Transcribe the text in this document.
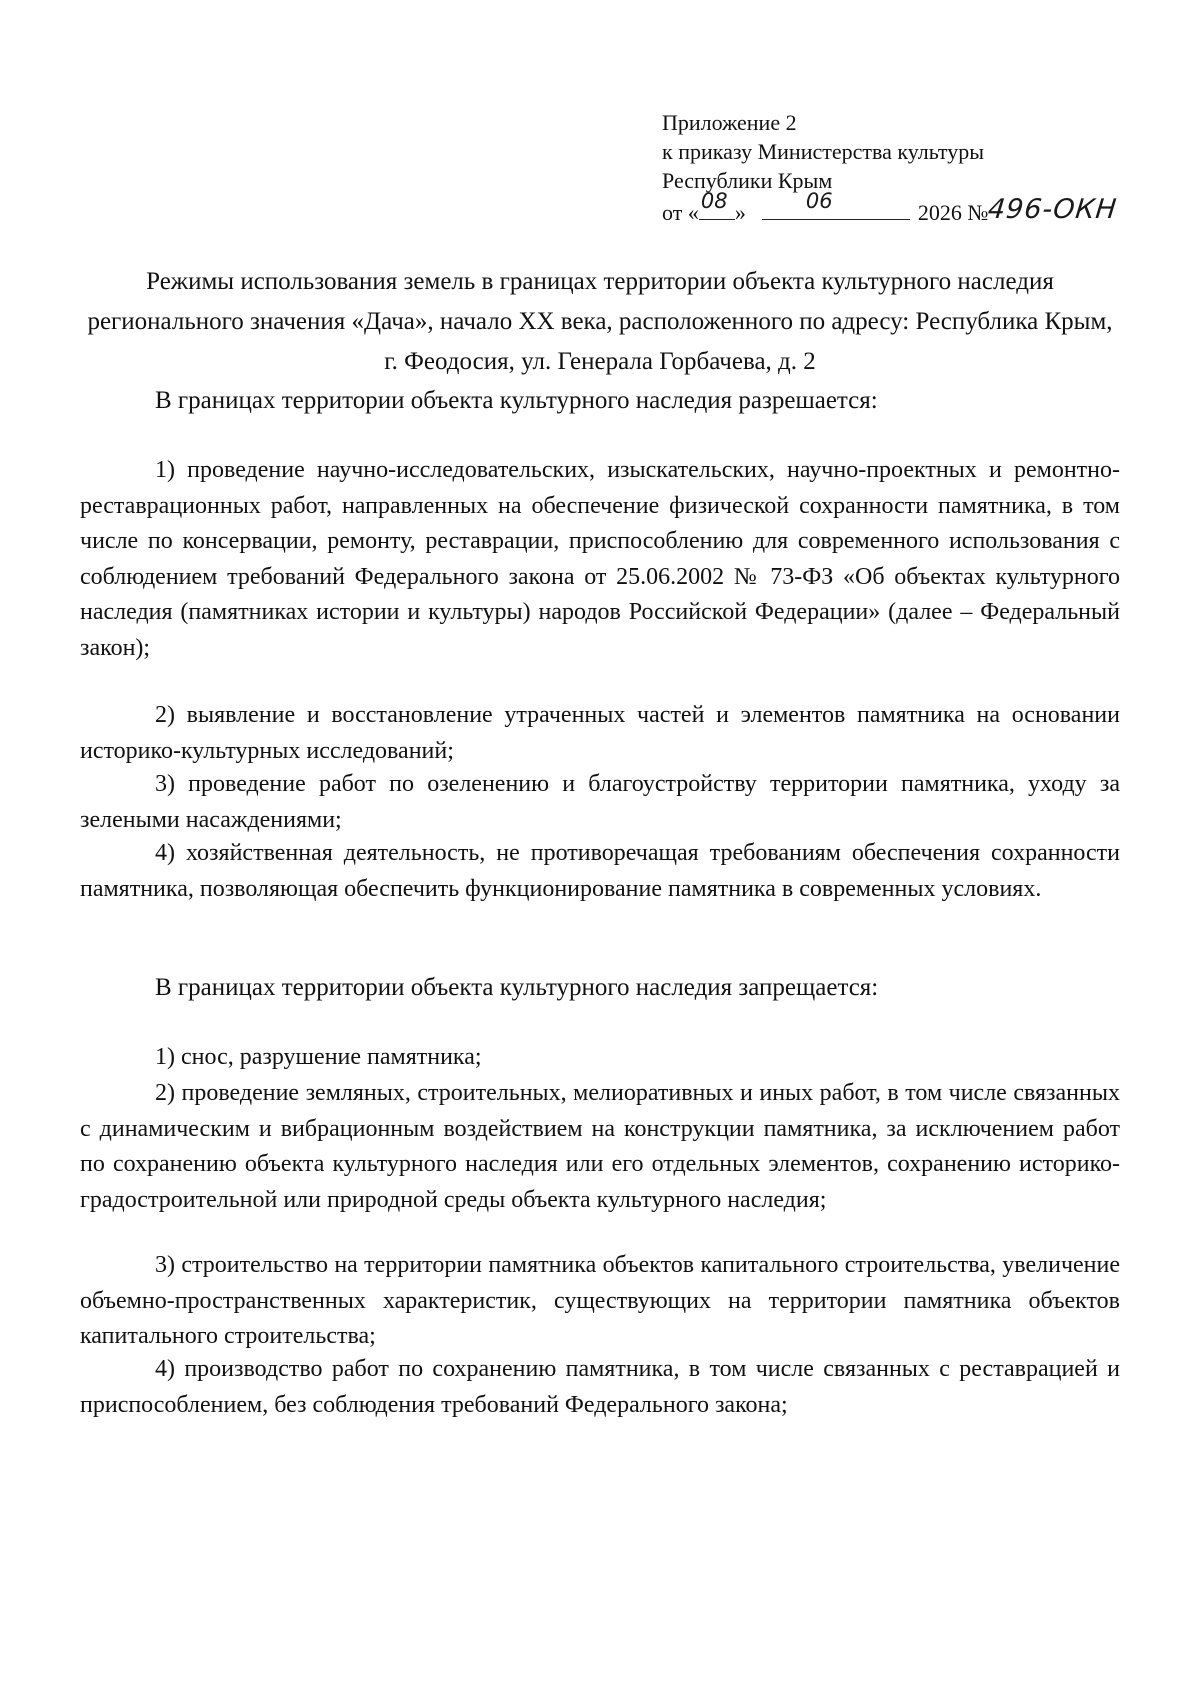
Приложение 2
к приказу Министерства культуры
Республики Крым
от « 08 »	06	2026 №
496-ОКН
Режимы использования земель в границах территории объекта культурного наследия регионального значения «Дача», начало XX века, расположенного по адресу: Республика Крым, г. Феодосия, ул. Генерала Горбачева, д. 2
В границах территории объекта культурного наследия разрешается:
1) проведение научно-исследовательских, изыскательских, научно-проектных и ремонтно-реставрационных работ, направленных на обеспечение физической сохранности памятника, в том числе по консервации, ремонту, реставрации, приспособлению для современного использования с соблюдением требований Федерального закона от 25.06.2002 № 73-ФЗ «Об объектах культурного наследия (памятниках истории и культуры) народов Российской Федерации» (далее – Федеральный закон);
2) выявление и восстановление утраченных частей и элементов памятника на основании историко-культурных исследований;
3) проведение работ по озеленению и благоустройству территории памятника, уходу за зелеными насаждениями;
4) хозяйственная деятельность, не противоречащая требованиям обеспечения сохранности памятника, позволяющая обеспечить функционирование памятника в современных условиях.
В границах территории объекта культурного наследия запрещается:
1) снос, разрушение памятника;
2) проведение земляных, строительных, мелиоративных и иных работ, в том числе связанных с динамическим и вибрационным воздействием на конструкции памятника, за исключением работ по сохранению объекта культурного наследия или его отдельных элементов, сохранению историко-градостроительной или природной среды объекта культурного наследия;
3) строительство на территории памятника объектов капитального строительства, увеличение объемно-пространственных характеристик, существующих на территории памятника объектов капитального строительства;
4) производство работ по сохранению памятника, в том числе связанных с реставрацией и приспособлением, без соблюдения требований Федерального закона;
